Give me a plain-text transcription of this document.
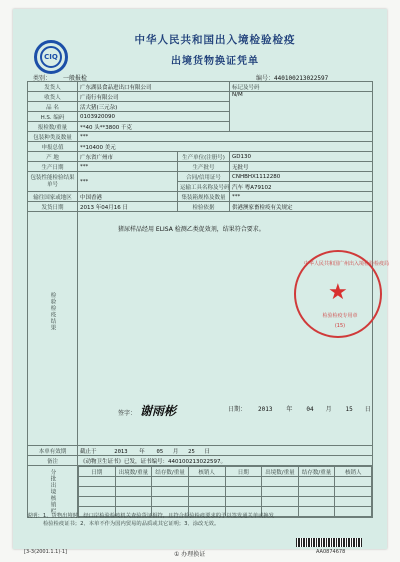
CIQ
中华人民共和国出入境检验检疫
出境货物换证凭单
类别： 一般报检	编号：440100213022597
发货人	广东湖县食品进出口有限公司	标记及号码
收货人	广南行有限公司	N/M
品 名	活大猪(三元杂)
H.S. 编码	0103920090
报检数/重量	**40 头**3800 千克
包装种类及数量	***
申报总值	**10400 美元
产 地	广东省广州市	生产单位(注册号)	GD130
生产日期	***	生产批号	无批号
包装性能检验结果单号	***	合同/信用证号	CNHBHX1112280
运输工具名称及号码	汽车 粤A79102
输往国家或地区	中国香港	集装箱规格及数量	***
发货日期	2013 年04月16 日	检验依据	供港澳家畜检疫有关规定

检验检疫结果

猪尿样品经用 ELISA 检测乙类促效剂，结果符合要求。
中华人民共和国广州出入境检验检疫局
★
检验检疫专用章
(15)
签字： 谢雨彬	日期： 2013 年 04 月 15 日

本单有效期	截止于	2013 年 05 月 25 日
备注	《动物卫生证书》已发，证书编号：440100213022597。

分批出境核销栏
		日期	出境数/重量	结存数/重量	核销人	日期	出境数/重量	结存数/重量	核销人

说明：1、货物出境时，经口岸检验检疫机关查验货证相符，且符合检验检疫要求的予以签发通关单或换发
检验检疫证书；2、本单不作为国内贸易的品质或其它证明；3、涂改无效。
[3-3(2001.1.1)·1]	① 办理换证	AA0874678
